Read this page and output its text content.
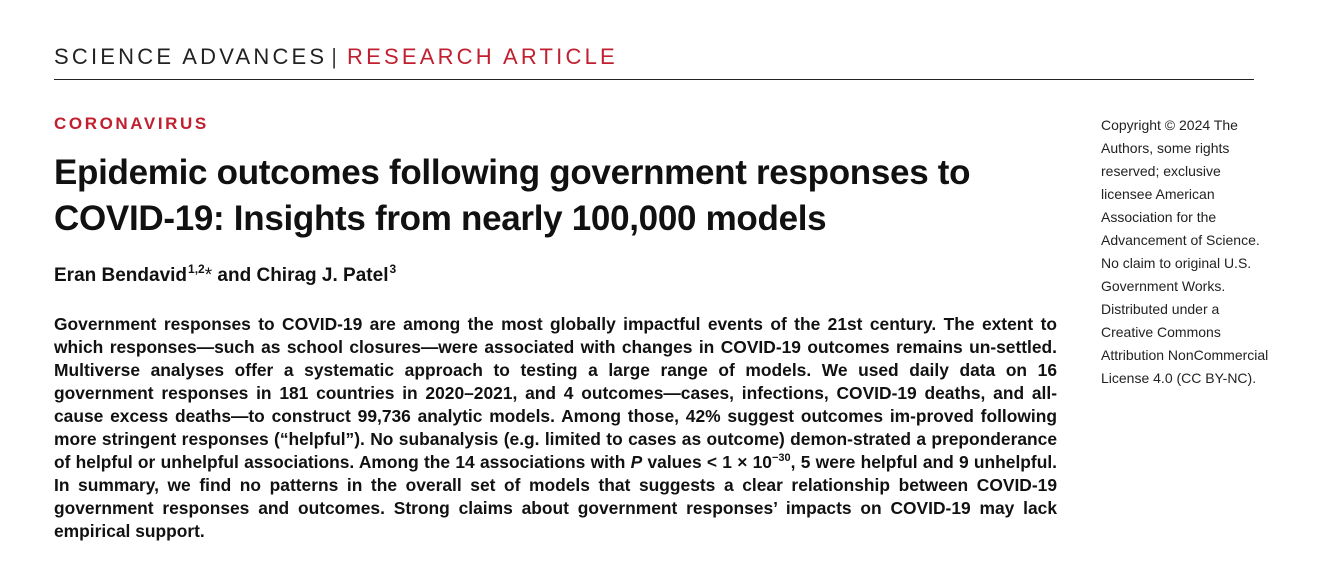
SCIENCE ADVANCES | RESEARCH ARTICLE
CORONAVIRUS
Epidemic outcomes following government responses to COVID-19: Insights from nearly 100,000 models
Eran Bendavid$^{1,2}$* and Chirag J. Patel$^3$
Government responses to COVID-19 are among the most globally impactful events of the 21st century. The extent to which responses—such as school closures—were associated with changes in COVID-19 outcomes remains un-settled. Multiverse analyses offer a systematic approach to testing a large range of models. We used daily data on 16 government responses in 181 countries in 2020–2021, and 4 outcomes—cases, infections, COVID-19 deaths, and all-cause excess deaths—to construct 99,736 analytic models. Among those, 42% suggest outcomes im-proved following more stringent responses (“helpful”). No subanalysis (e.g. limited to cases as outcome) demon-strated a preponderance of helpful or unhelpful associations. Among the 14 associations with P values < $1 \times 10^{-30}$, 5 were helpful and 9 unhelpful. In summary, we find no patterns in the overall set of models that suggests a clear relationship between COVID-19 government responses and outcomes. Strong claims about government responses’ impacts on COVID-19 may lack empirical support.
Copyright © 2024 The Authors, some rights reserved; exclusive licensee American Association for the Advancement of Science. No claim to original U.S. Government Works. Distributed under a Creative Commons Attribution NonCommercial License 4.0 (CC BY-NC).
